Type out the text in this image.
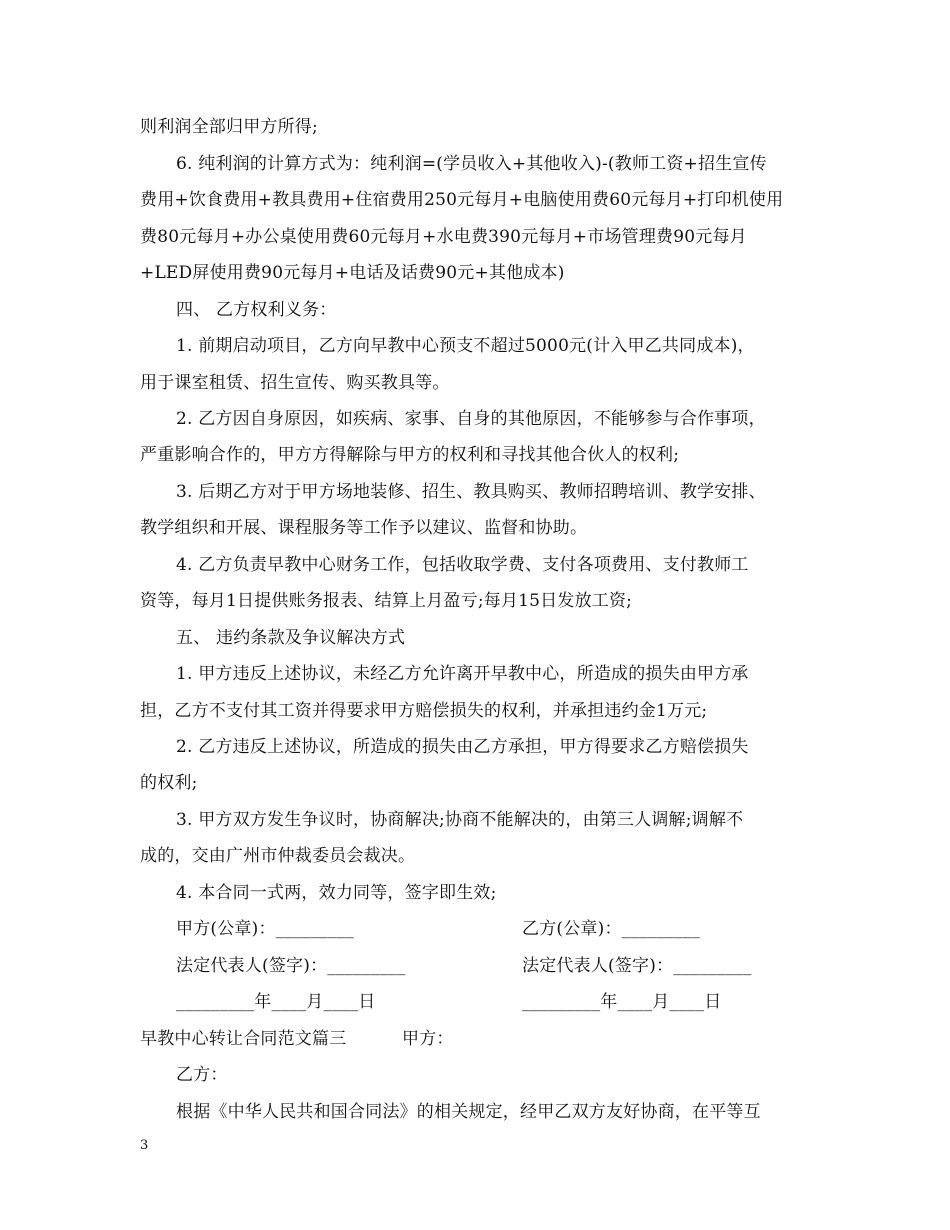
则利润全部归甲方所得;
6. 纯利润的计算方式为：纯利润=(学员收入+其他收入)-(教师工资+招生宣传
费用+饮食费用+教具费用+住宿费用250元每月+电脑使用费60元每月+打印机使用
费80元每月+办公桌使用费60元每月+水电费390元每月+市场管理费90元每月
+LED屏使用费90元每月+电话及话费90元+其他成本)
四、 乙方权利义务：
1. 前期启动项目，乙方向早教中心预支不超过5000元(计入甲乙共同成本)，
用于课室租赁、招生宣传、购买教具等。
2. 乙方因自身原因，如疾病、家事、自身的其他原因，不能够参与合作事项，
严重影响合作的，甲方方得解除与甲方的权利和寻找其他合伙人的权利;
3. 后期乙方对于甲方场地装修、招生、教具购买、教师招聘培训、教学安排、
教学组织和开展、课程服务等工作予以建议、监督和协助。
4. 乙方负责早教中心财务工作，包括收取学费、支付各项费用、支付教师工
资等，每月1日提供账务报表、结算上月盈亏;每月15日发放工资;
五、 违约条款及争议解决方式
1. 甲方违反上述协议，未经乙方允许离开早教中心，所造成的损失由甲方承
担，乙方不支付其工资并得要求甲方赔偿损失的权利，并承担违约金1万元;
2. 乙方违反上述协议，所造成的损失由乙方承担，甲方得要求乙方赔偿损失
的权利;
3. 甲方双方发生争议时，协商解决;协商不能解决的，由第三人调解;调解不
成的，交由广州市仲裁委员会裁决。
4. 本合同一式两，效力同等，签字即生效;
甲方(公章)：_________	乙方(公章)：_________
法定代表人(签字)：_________	法定代表人(签字)：_________
_________年____月____日	_________年____月____日
早教中心转让合同范文篇三	甲方：
乙方：
根据《中华人民共和国合同法》的相关规定，经甲乙双方友好协商，在平等互
3
